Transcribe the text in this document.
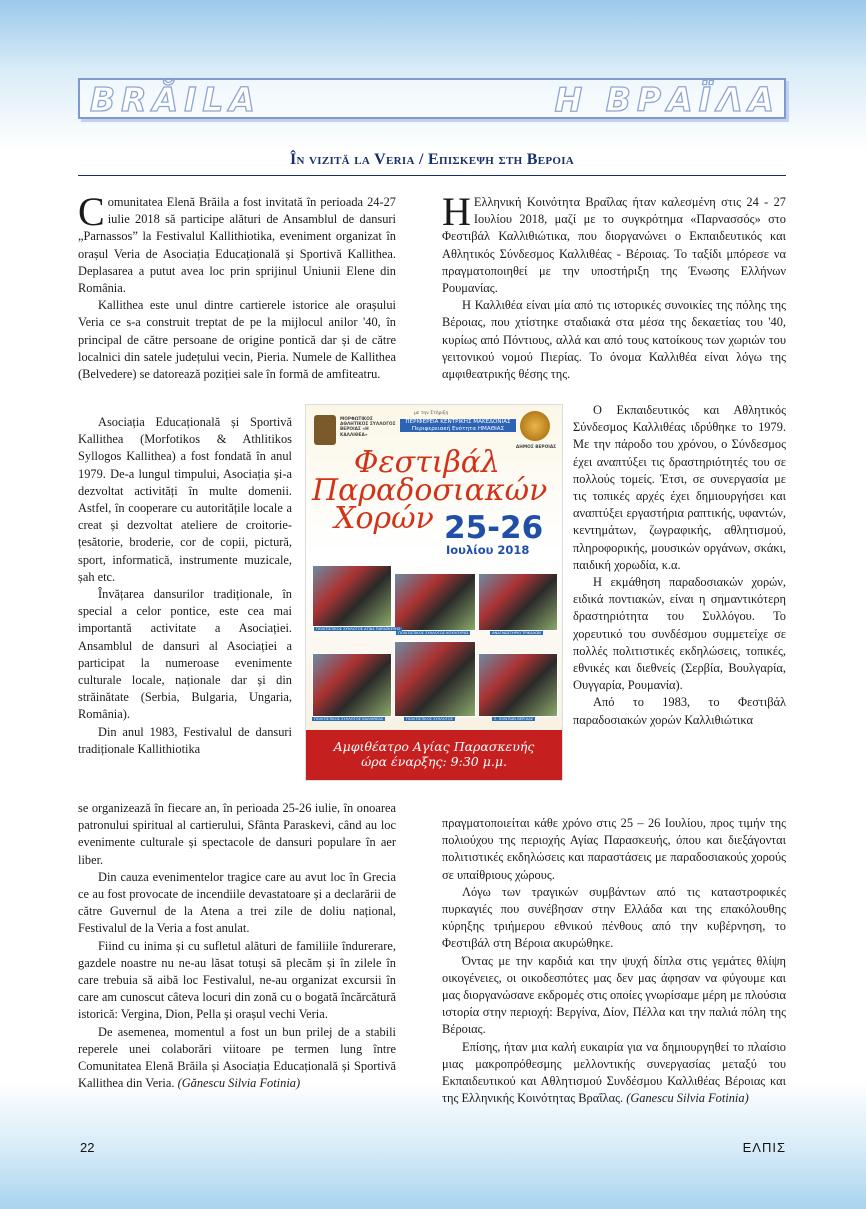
BRĂILA	Η ΒΡΑΪΛΑ
În vizită la Veria / Επισκεψη στη Βεροια

Comunitatea Elenă Brăila a fost invitată în perioada 24-27 iulie 2018 să participe alături de Ansamblul de dansuri „Parnassos” la Festivalul Kallithiotika, eveniment organizat în orașul Veria de Asociația Educațională și Sportivă Kallithea. Deplasarea a putut avea loc prin sprijinul Uniunii Elene din România.

Kallithea este unul dintre cartierele istorice ale orașului Veria ce s-a construit treptat de pe la mijlocul anilor '40, în principal de către persoane de origine pontică dar și de către localnici din satele județului vecin, Pieria. Numele de Kallithea (Belvedere) se datorează poziției sale în formă de amfiteatru.

Asociația Educațională și Sportivă Kallithea (Morfotikos & Athlitikos Syllogos Kallithea) a fost fondată în anul 1979. De-a lungul timpului, Asociația și-a dezvoltat activități în multe domenii. Astfel, în cooperare cu autoritățile locale a creat și dezvoltat ateliere de croitorie-țesătorie, broderie, cor de copii, pictură, sport, informatică, instrumente muzicale, șah etc.

Învățarea dansurilor tradiționale, în special a celor pontice, este cea mai importantă activitate a Asociației. Ansamblul de dansuri al Asociației a participat la numeroase evenimente culturale locale, naționale dar și din străinătate (Serbia, Bulgaria, Ungaria, România).

Din anul 1983, Festivalul de dansuri tradiționale Kallithiotika

se organizează în fiecare an, în perioada 25-26 iulie, în onoarea patronului spiritual al cartierului, Sfânta Paraskevi, când au loc evenimente culturale și spectacole de dansuri populare în aer liber.

Din cauza evenimentelor tragice care au avut loc în Grecia ce au fost provocate de incendiile devastatoare și a declarării de către Guvernul de la Atena a trei zile de doliu național, Festivalul de la Veria a fost anulat.

Fiind cu inima și cu sufletul alături de familiile îndurerare, gazdele noastre nu ne-au lăsat totuși să plecăm și în zilele în care trebuia să aibă loc Festivalul, ne-au organizat excursii în care am cunoscut câteva locuri din zonă cu o bogată încărcătură istorică: Vergina, Dion, Pella și orașul vechi Veria.

De asemenea, momentul a fost un bun prilej de a stabili reperele unei colaborări viitoare pe termen lung între Comunitatea Elenă Brăila și Asociația Educațională și Sportivă Kallithea din Veria. (Gănescu Silvia Fotinia)

Η Ελληνική Κοινότητα Βραΐλας ήταν καλεσμένη στις 24 - 27 Ιουλίου 2018, μαζί με το συγκρότημα «Παρνασσός» στο Φεστιβάλ Καλλιθιώτικα, που διοργανώνει ο Εκπαιδευτικός και Αθλητικός Σύνδεσμος Καλλιθέας - Βέροιας. Το ταξίδι μπόρεσε να πραγματοποιηθεί με την υποστήριξη της Ένωσης Ελλήνων Ρουμανίας.

Η Καλλιθέα είναι μία από τις ιστορικές συνοικίες της πόλης της Βέροιας, που χτίστηκε σταδιακά στα μέσα της δεκαετίας του '40, κυρίως από Πόντιους, αλλά και από τους κατοίκους των χωριών του γειτονικού νομού Πιερίας. Το όνομα Καλλιθέα είναι λόγω της αμφιθεατρικής θέσης της.

Ο Εκπαιδευτικός και Αθλητικός Σύνδεσμος Καλλιθέας ιδρύθηκε το 1979. Με την πάροδο του χρόνου, ο Σύνδεσμος έχει αναπτύξει τις δραστηριότητές του σε πολλούς τομείς. Έτσι, σε συνεργασία με τις τοπικές αρχές έχει δημιουργήσει και αναπτύξει εργαστήρια ραπτικής, υφαντών, κεντημάτων, ζωγραφικής, αθλητισμού, πληροφορικής, μουσικών οργάνων, σκάκι, παιδική χορωδία, κ.α.

Η εκμάθηση παραδοσιακών χορών, ειδικά ποντιακών, είναι η σημαντικότερη δραστηριότητα του Συλλόγου. Το χορευτικό του συνδέσμου συμμετείχε σε πολλές πολιτιστικές εκδηλώσεις, τοπικές, εθνικές και διεθνείς (Σερβία, Βουλγαρία, Ουγγαρία, Ρουμανία).

Από το 1983, το Φεστιβάλ παραδοσιακών χορών Καλλιθιώτικα

πραγματοποιείται κάθε χρόνο στις 25 – 26 Ιουλίου, προς τιμήν της πολιούχου της περιοχής Αγίας Παρασκευής, όπου και διεξάγονται πολιτιστικές εκδηλώσεις και παραστάσεις με παραδοσιακούς χορούς σε υπαίθριους χώρους.

Λόγω των τραγικών συμβάντων από τις καταστροφικές πυρκαγιές που συνέβησαν στην Ελλάδα και της επακόλουθης κύρηξης τριήμερου εθνικού πένθους από την κυβέρνηση, το Φεστιβάλ στη Βέροια ακυρώθηκε.

Όντας με την καρδιά και την ψυχή δίπλα στις γεμάτες θλίψη οικογένειες, οι οικοδεσπότες μας δεν μας άφησαν να φύγουμε και μας διοργανώσανε εκδρομές στις οποίες γνωρίσαμε μέρη με πλούσια ιστορία στην περιοχή: Βεργίνα, Δίον, Πέλλα και την παλιά πόλη της Βέροιας.

Επίσης, ήταν μια καλή ευκαιρία για να δημιουργηθεί το πλαίσιο μιας μακροπρόθεσμης μελλοντικής συνεργασίας μεταξύ του Εκπαιδευτικού και Αθλητισμού Συνδέσμου Καλλιθέας Βέροιας και της Ελληνικής Κοινότητας Βραΐλας. (Ganescu Silvia Fotinia)

ΜΟΡΦΩΤΙΚΟΣ ΑΘΛΗΤΙΚΟΣ ΣΥΛΛΟΓΟΣ ΒΕΡΟΙΑΣ «Η ΚΑΛΛΙΘΕΑ»
με την Στήριξη
ΠΕΡΙΦΕΡΕΙΑ ΚΕΝΤΡΙΚΗΣ ΜΑΚΕΔΟΝΙΑΣ Περιφερειακή Ενότητα ΗΜΑΘΙΑΣ
ΔΗΜΟΣ ΒΕΡΟΙΑΣ
Φεστιβάλ
Παραδοσιακών
Χορών 25-26
Ιουλίου 2018
ΠΟΛΙΤΙΣΤΙΚΟΣ ΣΥΛΛΟΓΟΣ ΑΓΙΑΣ ΠΑΡΑΣΚΕΥΗΣ
ΠΟΛΙΤΙΣΤΙΚΟΣ ΣΥΛΛΟΓΟΣ ΚΟΥΛΟΥΡΑΣ	ΑΝΑΓΝΩΣΤΗΡΙΟ ΤΡΙΚΑΛΩΝ
ΠΟΛΙΤΙΣΤΙΚΟΣ ΣΥΛΛΟΓΟΣ ΚΑΛΛΙΘΕΑΣ	ΠΟΛΙΤΙΣΤΙΚΟΣ ΣΥΛΛΟΓΟΣ	Σ. ΠΟΝΤΙΩΝ ΒΕΡΟΙΑΣ
Αμφιθέατρο Αγίας Παρασκευής
ώρα έναρξης: 9:30 μ.μ.
22	ΕΛΠΙΣ
